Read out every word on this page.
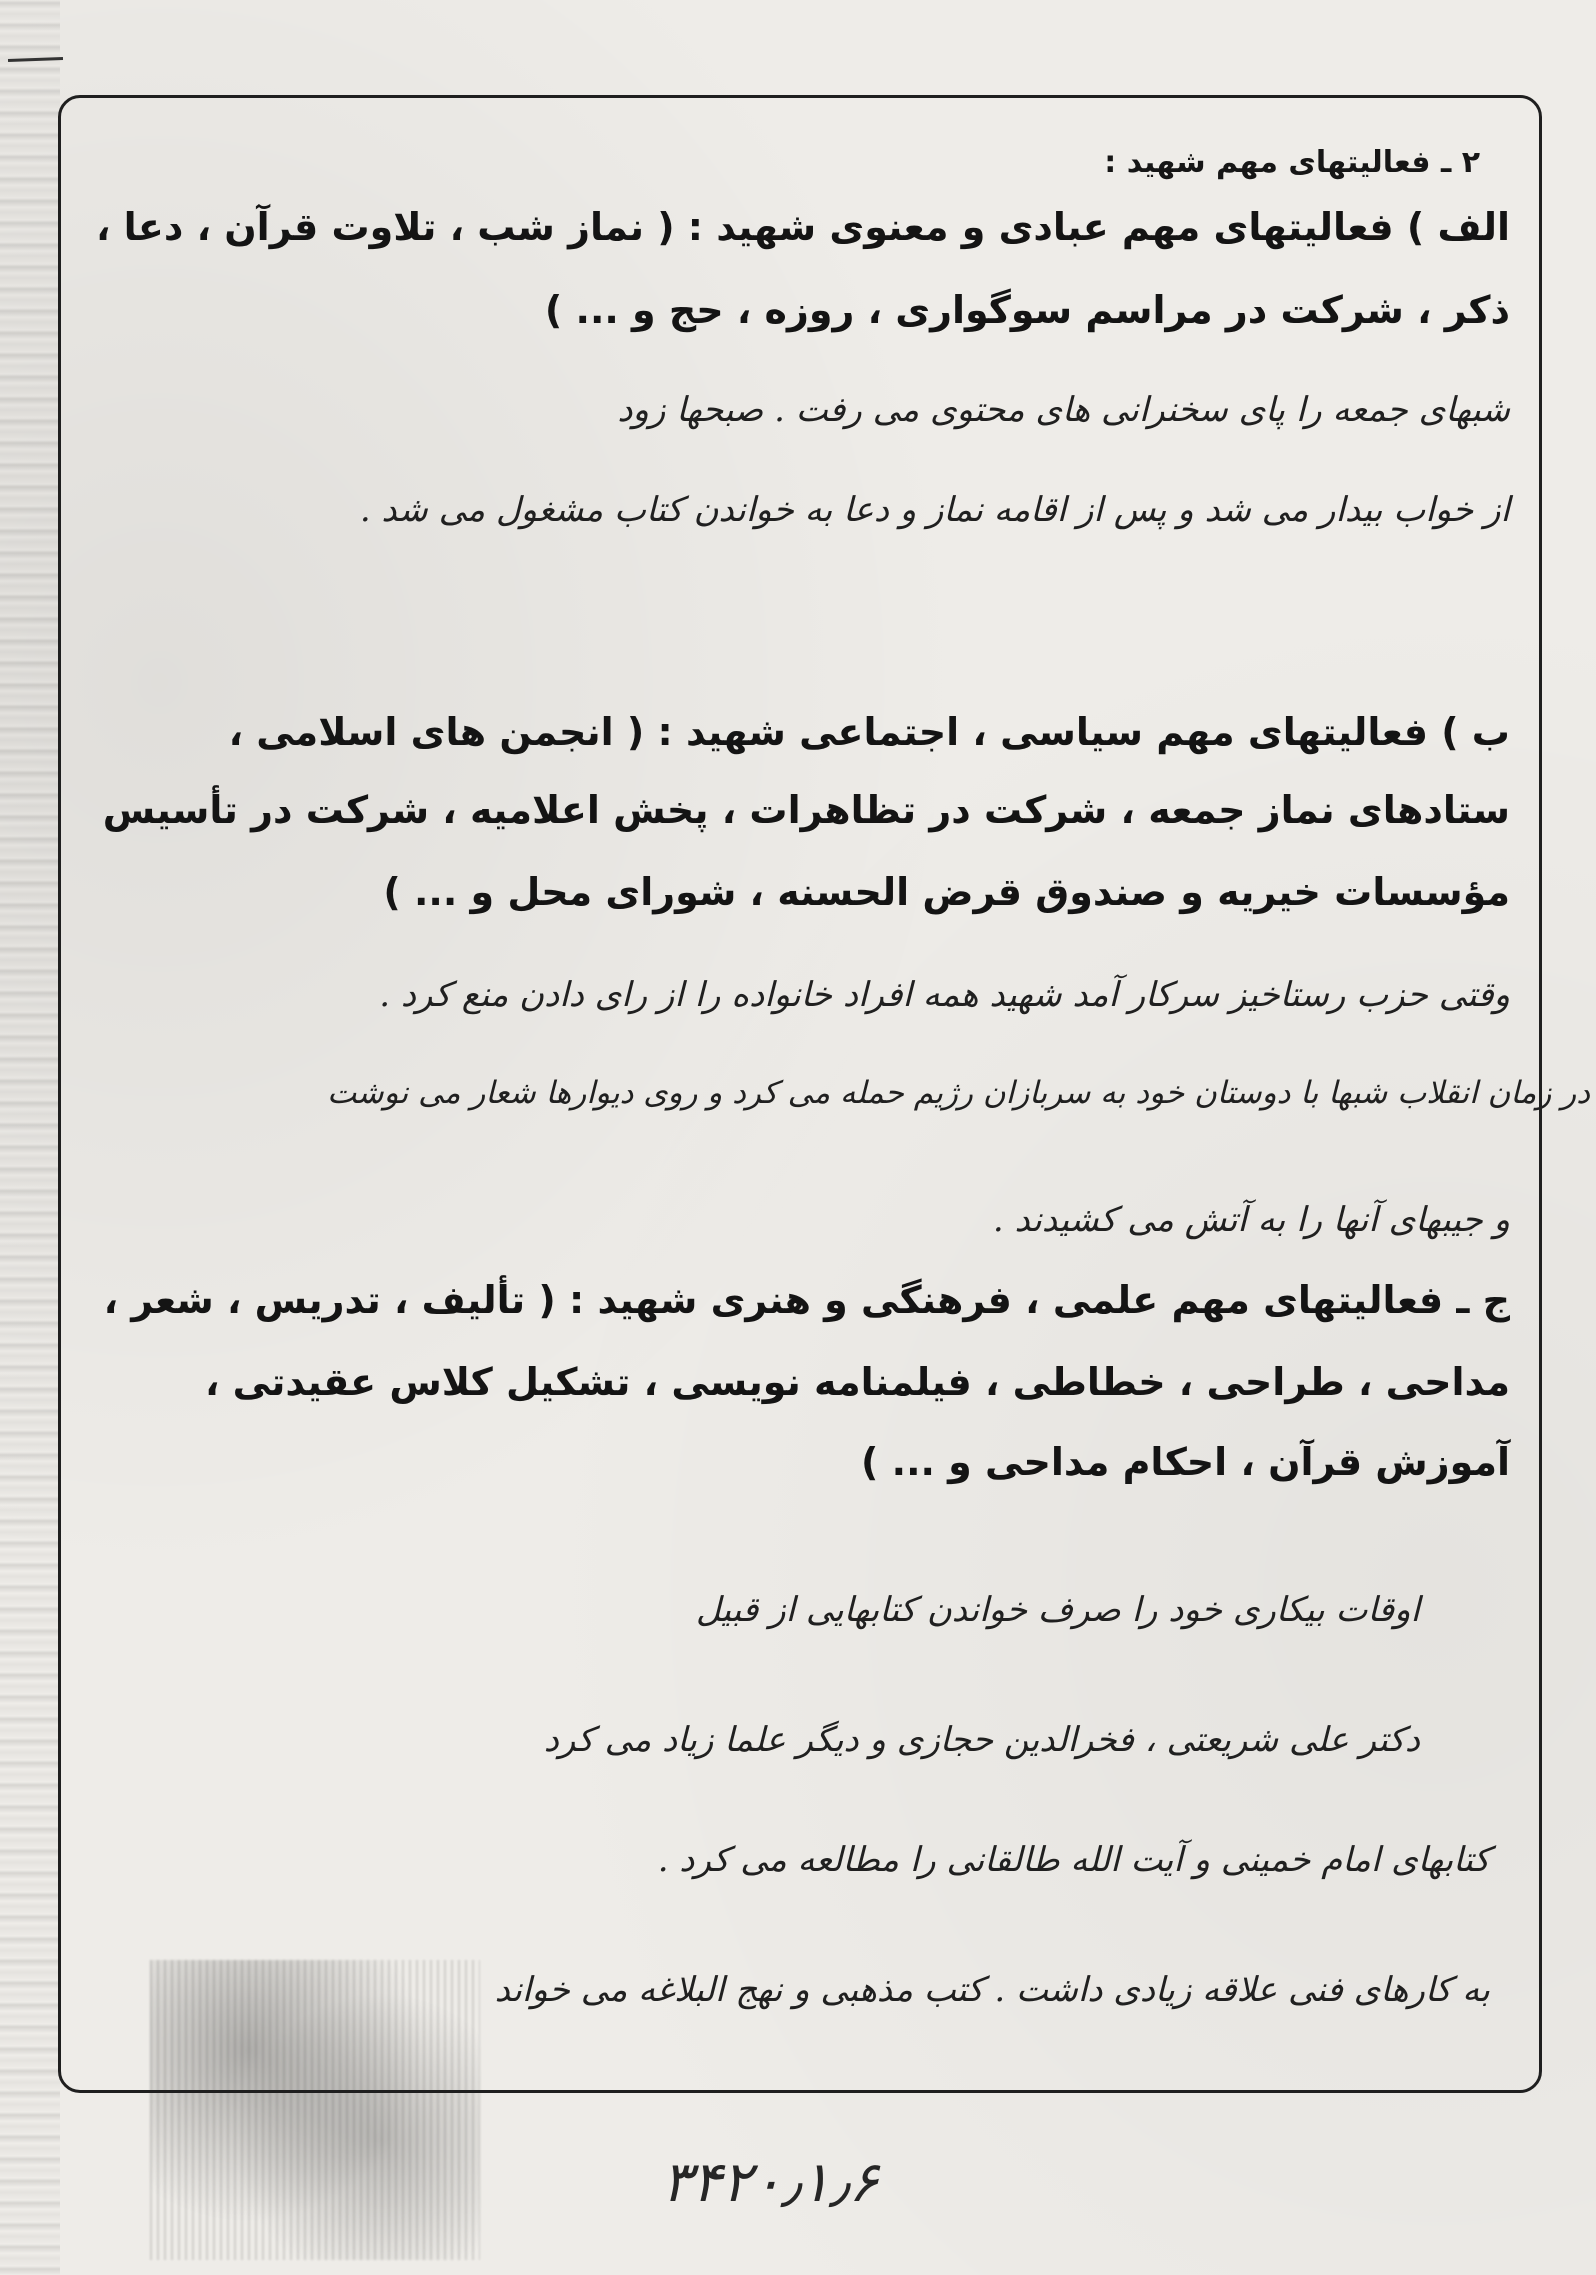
۲ ـ فعالیتهای مهم شهید :
الف ) فعالیتهای مهم عبادی و معنوی شهید : ( نماز شب ، تلاوت قرآن ، دعا ،
ذکر ، شرکت در مراسم سوگواری ، روزه ، حج و ... )
شبهای جمعه را پای سخنرانی های محتوی می رفت . صبحها زود
از خواب بیدار می شد و پس از اقامه نماز و دعا به خواندن کتاب مشغول می شد .
ب ) فعالیتهای مهم سیاسی ، اجتماعی شهید : ( انجمن های اسلامی ،
ستادهای نماز جمعه ، شرکت در تظاهرات ، پخش اعلامیه ، شرکت در تأسیس
مؤسسات خیریه و صندوق قرض الحسنه ، شورای محل و ... )
وقتی حزب رستاخیز سرکار آمد شهید همه افراد خانواده را از رای دادن منع کرد .
در زمان انقلاب شبها با دوستان خود به سربازان رژیم حمله می کرد و روی دیوارها شعار می نوشت
و جیبهای آنها را به آتش می کشیدند .
ج ـ فعالیتهای مهم علمی ، فرهنگی و هنری شهید : ( تألیف ، تدریس ، شعر ،
مداحی ، طراحی ، خطاطی ، فیلمنامه نویسی ، تشکیل کلاس عقیدتی ،
آموزش قرآن ، احکام مداحی و ... )
اوقات بیکاری خود را صرف خواندن کتابهایی از قبیل
دکتر علی شریعتی ، فخرالدین حجازی و دیگر علما زیاد می کرد
کتابهای امام خمینی و آیت الله طالقانی را مطالعه می کرد .
به کارهای فنی علاقه زیادی داشت . کتب مذهبی و نهج البلاغه می خواند
۳۴۲۰٫۱٫۶
